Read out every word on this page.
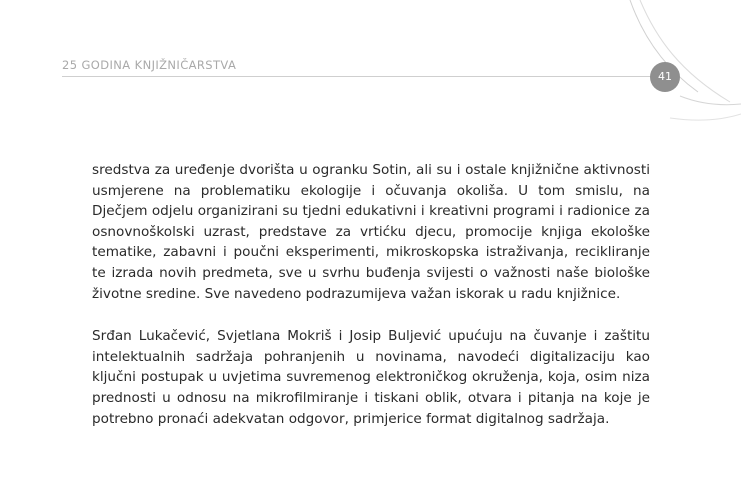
25 GODINA KNJIŽNIČARSTVA
41

sredstva za uređenje dvorišta u ogranku Sotin, ali su i ostale knjižnične aktivnosti usmjerene na problematiku ekologije i očuvanja okoliša. U tom smislu, na Dječjem odjelu organizirani su tjedni edukativni i kreativni programi i radionice za osnovnoškolski uzrast, predstave za vrtićku djecu, promocije knjiga ekološke tematike, zabavni i poučni eksperimenti, mikroskopska istraživanja, recikliranje te izrada novih predmeta, sve u svrhu buđenja svijesti o važnosti naše biološke životne sredine. Sve navedeno podrazumijeva važan iskorak u radu knjižnice.

Srđan Lukačević, Svjetlana Mokriš i Josip Buljević upućuju na čuvanje i zaštitu intelektualnih sadržaja pohranjenih u novinama, navodeći digitalizaciju kao ključni postupak u uvjetima suvremenog elektroničkog okruženja, koja, osim niza prednosti u odnosu na mikrofilmiranje i tiskani oblik, otvara i pitanja na koje je potrebno pronaći adekvatan odgovor, primjerice format digitalnog sadržaja.
